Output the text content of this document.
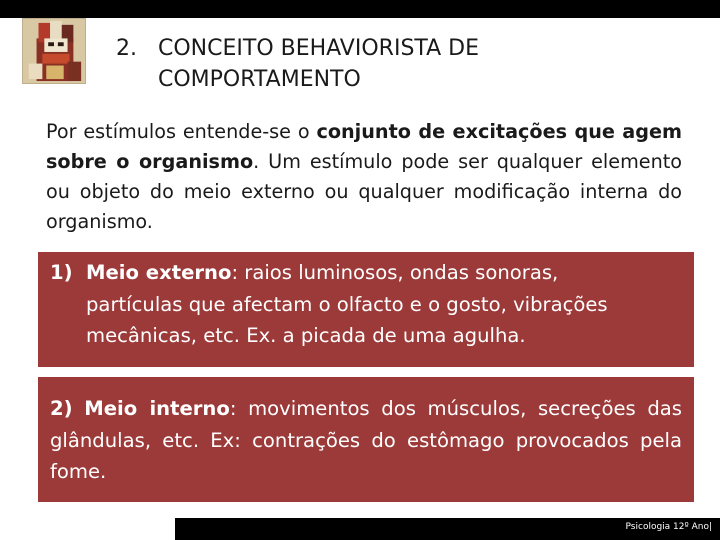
2. CONCEITO BEHAVIORISTA DE
COMPORTAMENTO
Por estímulos entende-se o conjunto de excitações que agem sobre o organismo. Um estímulo pode ser qualquer elemento ou objeto do meio externo ou qualquer modificação interna do organismo.
1) Meio externo: raios luminosos, ondas sonoras,
partículas que afectam o olfacto e o gosto, vibrações mecânicas, etc. Ex. a picada de uma agulha.
2) Meio interno: movimentos dos músculos, secreções das glândulas, etc. Ex: contrações do estômago provocados pela fome.
Psicologia 12º Ano|
